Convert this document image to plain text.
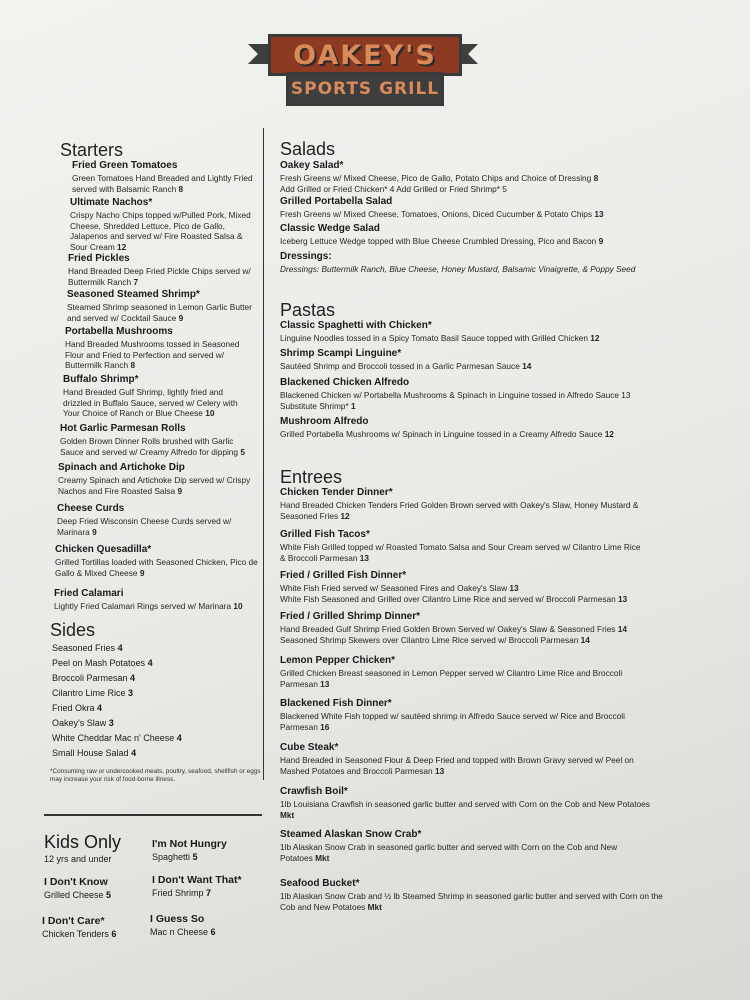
OAKEY'S
SPORTS GRILL
Starters
Fried Green Tomatoes
Green Tomatoes Hand Breaded and Lightly Fried served with Balsamic Ranch 8
Ultimate Nachos*
Crispy Nacho Chips topped w/Pulled Pork, Mixed Cheese, Shredded Lettuce, Pico de Gallo, Jalapenos and served w/ Fire Roasted Salsa & Sour Cream 12
Fried Pickles
Hand Breaded Deep Fried Pickle Chips served w/ Buttermilk Ranch 7
Seasoned Steamed Shrimp*
Steamed Shrimp seasoned in Lemon Garlic Butter and served w/ Cocktail Sauce 9
Portabella Mushrooms
Hand Breaded Mushrooms tossed in Seasoned Flour and Fried to Perfection and served w/ Buttermilk Ranch 8
Buffalo Shrimp*
Hand Breaded Gulf Shrimp, lightly fried and drizzled in Buffalo Sauce, served w/ Celery with Your Choice of Ranch or Blue Cheese 10
Hot Garlic Parmesan Rolls
Golden Brown Dinner Rolls brushed with Garlic Sauce and served w/ Creamy Alfredo for dipping 5
Spinach and Artichoke Dip
Creamy Spinach and Artichoke Dip served w/ Crispy Nachos and Fire Roasted Salsa 9
Cheese Curds
Deep Fried Wisconsin Cheese Curds served w/ Marinara 9
Chicken Quesadilla*
Grilled Tortillas loaded with Seasoned Chicken, Pico de Gallo & Mixed Cheese 9
Fried Calamari
Lightly Fried Calamari Rings served w/ Marinara 10
Sides
Seasoned Fries 4
Peel on Mash Potatoes 4
Broccoli Parmesan 4
Cilantro Lime Rice 3
Fried Okra 4
Oakey's Slaw 3
White Cheddar Mac n' Cheese 4
Small House Salad 4
*Consuming raw or undercooked meats, poultry, seafood, shellfish or eggs may increase your risk of food-borne illness.
Kids Only
12 yrs and under
I'm Not Hungry
Spaghetti 5
I Don't Know
Grilled Cheese 5
I Don't Want That*
Fried Shrimp 7
I Don't Care*
Chicken Tenders 6
I Guess So
Mac n Cheese 6
Salads
Oakey Salad*
Fresh Greens w/ Mixed Cheese, Pico de Gallo, Potato Chips and Choice of Dressing 8
Add Grilled or Fried Chicken* 4 Add Grilled or Fried Shrimp* 5
Grilled Portabella Salad
Fresh Greens w/ Mixed Cheese, Tomatoes, Onions, Diced Cucumber & Potato Chips 13
Classic Wedge Salad
Iceberg Lettuce Wedge topped with Blue Cheese Crumbled Dressing, Pico and Bacon 9
Dressings:
Dressings: Buttermilk Ranch, Blue Cheese, Honey Mustard, Balsamic Vinaigrette, & Poppy Seed
Pastas
Classic Spaghetti with Chicken*
Linguine Noodles tossed in a Spicy Tomato Basil Sauce topped with Grilled Chicken 12
Shrimp Scampi Linguine*
Sautéed Shrimp and Broccoli tossed in a Garlic Parmesan Sauce 14
Blackened Chicken Alfredo
Blackened Chicken w/ Portabella Mushrooms & Spinach in Linguine tossed in Alfredo Sauce 13 Substitute Shrimp* 1
Mushroom Alfredo
Grilled Portabella Mushrooms w/ Spinach in Linguine tossed in a Creamy Alfredo Sauce 12
Entrees
Chicken Tender Dinner*
Hand Breaded Chicken Tenders Fried Golden Brown served with Oakey's Slaw, Honey Mustard & Seasoned Fries 12
Grilled Fish Tacos*
White Fish Grilled topped w/ Roasted Tomato Salsa and Sour Cream served w/ Cilantro Lime Rice & Broccoli Parmesan 13
Fried / Grilled Fish Dinner*
White Fish Fried served w/ Seasoned Fires and Oakey's Slaw 13
White Fish Seasoned and Grilled over Cilantro Lime Rice and served w/ Broccoli Parmesan 13
Fried / Grilled Shrimp Dinner*
Hand Breaded Gulf Shrimp Fried Golden Brown Served w/ Oakey's Slaw & Seasoned Fries 14
Seasoned Shrimp Skewers over Cilantro Lime Rice served w/ Broccoli Parmesan 14
Lemon Pepper Chicken*
Grilled Chicken Breast seasoned in Lemon Pepper served w/ Cilantro Lime Rice and Broccoli Parmesan 13
Blackened Fish Dinner*
Blackened White Fish topped w/ sautéed shrimp in Alfredo Sauce served w/ Rice and Broccoli Parmesan 16
Cube Steak*
Hand Breaded in Seasoned Flour & Deep Fried and topped with Brown Gravy served w/ Peel on Mashed Potatoes and Broccoli Parmesan 13
Crawfish Boil*
1lb Louisiana Crawfish in seasoned garlic butter and served with Corn on the Cob and New Potatoes Mkt
Steamed Alaskan Snow Crab*
1lb Alaskan Snow Crab in seasoned garlic butter and served with Corn on the Cob and New Potatoes Mkt
Seafood Bucket*
1lb Alaskan Snow Crab and ½ lb Steamed Shrimp in seasoned garlic butter and served with Corn on the Cob and New Potatoes Mkt
